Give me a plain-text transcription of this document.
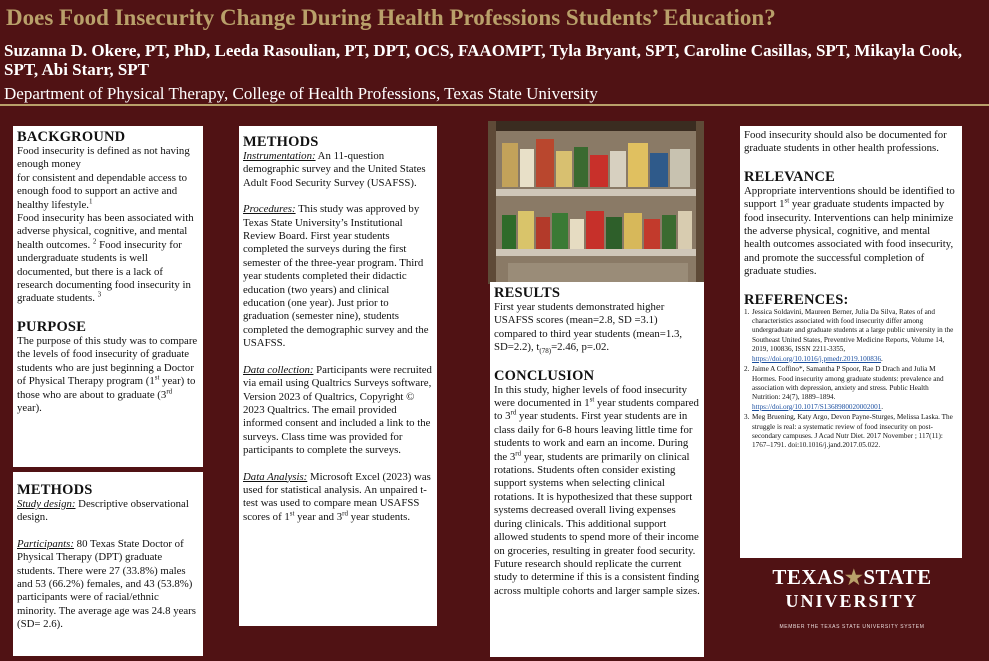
Does Food Insecurity Change During Health Professions Students’ Education?
Suzanna D. Okere, PT, PhD, Leeda Rasoulian, PT, DPT, OCS, FAAOMPT, Tyla Bryant, SPT, Caroline Casillas, SPT, Mikayla Cook, SPT, Abi Starr, SPT
Department of Physical Therapy, College of Health Professions, Texas State University
BACKGROUND

Food insecurity is defined as not having enough money
for consistent and dependable access to enough food to support an active and healthy lifestyle.$^1$
Food insecurity has been associated with adverse physical, cognitive, and mental health outcomes. $^2$ Food insecurity for undergraduate students is well documented, but there is a lack of research documenting food insecurity in graduate students. $^3$

PURPOSE

The purpose of this study was to compare the levels of food insecurity of graduate students who are just beginning a Doctor of Physical Therapy program (1st year) to those who are about to graduate (3rd year).

METHODS

Study design: Descriptive observational design.

Participants: 80 Texas State Doctor of Physical Therapy (DPT) graduate students. There were 27 (33.8%) males and 53 (66.2%) females, and 43 (53.8%) participants were of racial/ethnic minority. The average age was 24.8 years (SD= 2.6).

METHODS

Instrumentation: An 11-question demographic survey and the United States Adult Food Security Survey (USAFSS).

Procedures: This study was approved by Texas State University’s Institutional Review Board. First year students completed the surveys during the first semester of the three-year program. Third year students completed their didactic education (two years) and clinical education (one year). Just prior to graduation (semester nine), students completed the demographic survey and the USAFSS.

Data collection: Participants were recruited via email using Qualtrics Surveys software, Version 2023 of Qualtrics, Copyright © 2023 Qualtrics. The email provided informed consent and included a link to the surveys. Class time was provided for participants to complete the surveys.

Data Analysis: Microsoft Excel (2023) was used for statistical analysis. An unpaired t-test was used to compare mean USAFSS scores of 1st year and 3rd year students.

RESULTS

First year students demonstrated higher USAFSS scores (mean=2.8, SD =3.1) compared to third year students (mean=1.3, SD=2.2), $t_{(78)}=2.46$, p=.02.

CONCLUSION

In this study, higher levels of food insecurity were documented in 1st year students compared to 3rd year students. First year students are in class daily for 6-8 hours leaving little time for students to work and earn an income. During the 3rd year, students are primarily on clinical rotations. Students often consider existing support systems when selecting clinical rotations. It is hypothesized that these support systems decreased overall living expenses during clinicals. This additional support allowed students to spend more of their income on groceries, resulting in greater food security. Future research should replicate the current study to determine if this is a consistent finding across multiple cohorts and larger sample sizes.

Food insecurity should also be documented for graduate students in other health professions.

RELEVANCE

Appropriate interventions should be identified to support 1st year graduate students impacted by food insecurity. Interventions can help minimize the adverse physical, cognitive, and mental health outcomes associated with food insecurity, and promote the successful completion of graduate studies.

REFERENCES:
1. Jessica Soldavini, Maureen Berner, Julia Da Silva, Rates of and characteristics associated with food insecurity differ among undergraduate and graduate students at a large public university in the Southeast United States, Preventive Medicine Reports, Volume 14, 2019, 100836, ISSN 2211-3355, https://doi.org/10.1016/j.pmedr.2019.100836.
2. Jaime A Coffino*, Samantha P Spoor, Rae D Drach and Julia M Hormes. Food insecurity among graduate students: prevalence and association with depression, anxiety and stress. Public Health Nutrition: 24(7), 1889–1894. https://doi.org/10.1017/S1368980020002001.
3. Meg Bruening, Katy Argo, Devon Payne-Sturges, Melissa Laska. The struggle is real: a systematic review of food insecurity on post-secondary campuses. J Acad Nutr Diet. 2017 November ; 117(11): 1767–1791. doi:10.1016/j.jand.2017.05.022.
TEXAS★STATE
UNIVERSITY
MEMBER THE TEXAS STATE UNIVERSITY SYSTEM
